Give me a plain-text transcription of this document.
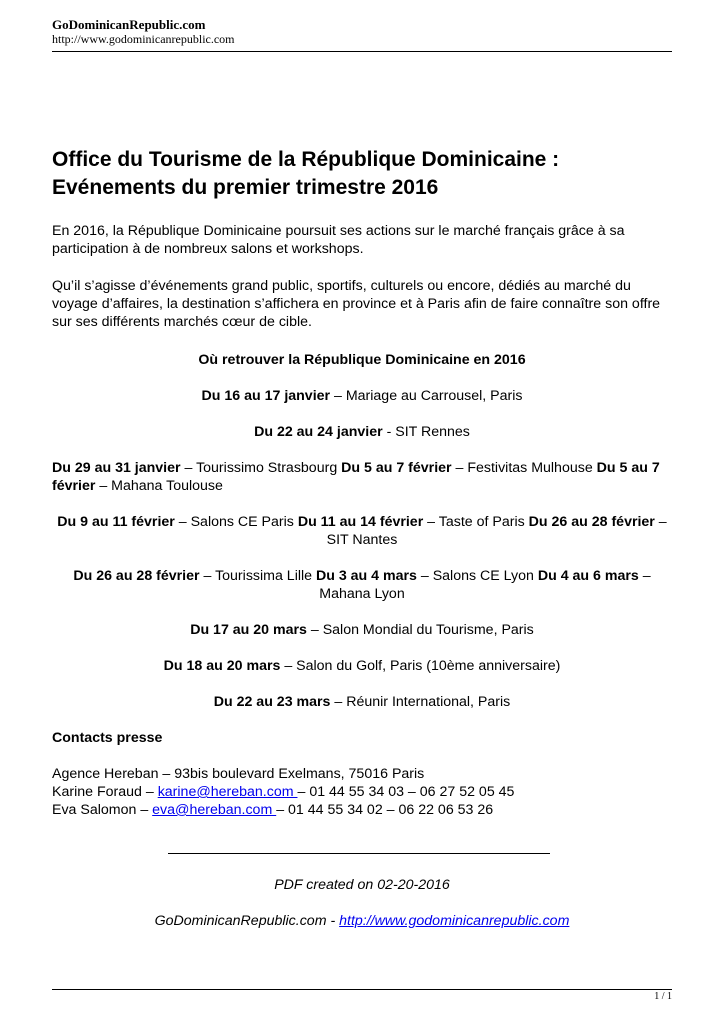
GoDominicanRepublic.com
http://www.godominicanrepublic.com
Office du Tourisme de la République Dominicaine :
Evénements du premier trimestre 2016

En 2016, la République Dominicaine poursuit ses actions sur le marché français grâce à sa participation à de nombreux salons et workshops.

Qu’il s’agisse d’événements grand public, sportifs, culturels ou encore, dédiés au marché du voyage d’affaires, la destination s’affichera en province et à Paris afin de faire connaître son offre sur ses différents marchés cœur de cible.

Où retrouver la République Dominicaine en 2016

Du 16 au 17 janvier – Mariage au Carrousel, Paris

Du 22 au 24 janvier - SIT Rennes

Du 29 au 31 janvier – Tourissimo Strasbourg Du 5 au 7 février – Festivitas Mulhouse Du 5 au 7 février – Mahana Toulouse

Du 9 au 11 février – Salons CE Paris Du 11 au 14 février – Taste of Paris Du 26 au 28 février – SIT Nantes

Du 26 au 28 février – Tourissima Lille Du 3 au 4 mars – Salons CE Lyon Du 4 au 6 mars – Mahana Lyon

Du 17 au 20 mars – Salon Mondial du Tourisme, Paris

Du 18 au 20 mars – Salon du Golf, Paris (10ème anniversaire)

Du 22 au 23 mars – Réunir International, Paris

Contacts presse

Agence Hereban – 93bis boulevard Exelmans, 75016 Paris

Karine Foraud – karine@hereban.com – 01 44 55 34 03 – 06 27 52 05 45

Eva Salomon – eva@hereban.com – 01 44 55 34 02 – 06 22 06 53 26

PDF created on 02-20-2016
GoDominicanRepublic.com - http://www.godominicanrepublic.com
1 / 1
